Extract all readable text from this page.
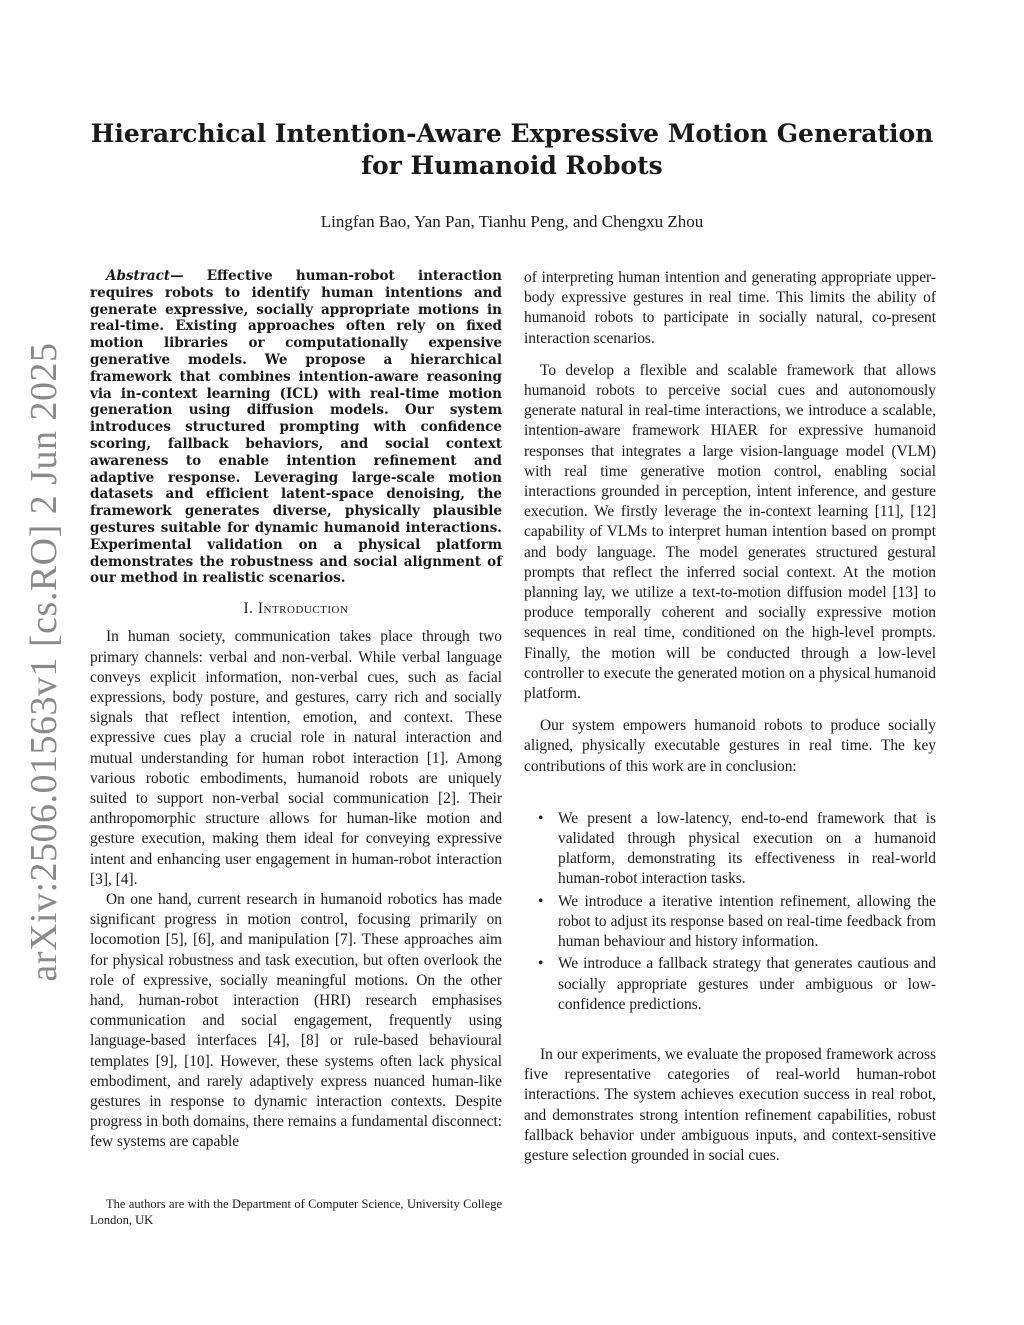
arXiv:2506.01563v1 [cs.RO] 2 Jun 2025
Hierarchical Intention-Aware Expressive Motion Generation for Humanoid Robots

Lingfan Bao, Yan Pan, Tianhu Peng, and Chengxu Zhou

Abstract— Effective human-robot interaction requires robots to identify human intentions and generate expressive, socially appropriate motions in real-time. Existing approaches often rely on fixed motion libraries or computationally expensive generative models. We propose a hierarchical framework that combines intention-aware reasoning via in-context learning (ICL) with real-time motion generation using diffusion models. Our system introduces structured prompting with confidence scoring, fallback behaviors, and social context awareness to enable intention refinement and adaptive response. Leveraging large-scale motion datasets and efficient latent-space denoising, the framework generates diverse, physically plausible gestures suitable for dynamic humanoid interactions. Experimental validation on a physical platform demonstrates the robustness and social alignment of our method in realistic scenarios.

I. Introduction

In human society, communication takes place through two primary channels: verbal and non-verbal. While verbal language conveys explicit information, non-verbal cues, such as facial expressions, body posture, and gestures, carry rich and socially signals that reflect intention, emotion, and context. These expressive cues play a crucial role in natural interaction and mutual understanding for human robot interaction [1]. Among various robotic embodiments, humanoid robots are uniquely suited to support non-verbal social communication [2]. Their anthropomorphic structure allows for human-like motion and gesture execution, making them ideal for conveying expressive intent and enhancing user engagement in human-robot interaction [3], [4].

On one hand, current research in humanoid robotics has made significant progress in motion control, focusing primarily on locomotion [5], [6], and manipulation [7]. These approaches aim for physical robustness and task execution, but often overlook the role of expressive, socially meaningful motions. On the other hand, human-robot interaction (HRI) research emphasises communication and social engagement, frequently using language-based interfaces [4], [8] or rule-based behavioural templates [9], [10]. However, these systems often lack physical embodiment, and rarely adaptively express nuanced human-like gestures in response to dynamic interaction contexts. Despite progress in both domains, there remains a fundamental disconnect: few systems are capable

The authors are with the Department of Computer Science, University College London, UK

of interpreting human intention and generating appropriate upper-body expressive gestures in real time. This limits the ability of humanoid robots to participate in socially natural, co-present interaction scenarios.

To develop a flexible and scalable framework that allows humanoid robots to perceive social cues and autonomously generate natural in real-time interactions, we introduce a scalable, intention-aware framework HIAER for expressive humanoid responses that integrates a large vision-language model (VLM) with real time generative motion control, enabling social interactions grounded in perception, intent inference, and gesture execution. We firstly leverage the in-context learning [11], [12] capability of VLMs to interpret human intention based on prompt and body language. The model generates structured gestural prompts that reflect the inferred social context. At the motion planning lay, we utilize a text-to-motion diffusion model [13] to produce temporally coherent and socially expressive motion sequences in real time, conditioned on the high-level prompts. Finally, the motion will be conducted through a low-level controller to execute the generated motion on a physical humanoid platform.

Our system empowers humanoid robots to produce socially aligned, physically executable gestures in real time. The key contributions of this work are in conclusion:

• We present a low-latency, end-to-end framework that is validated through physical execution on a humanoid platform, demonstrating its effectiveness in real-world human-robot interaction tasks.
• We introduce a iterative intention refinement, allowing the robot to adjust its response based on real-time feedback from human behaviour and history information.
• We introduce a fallback strategy that generates cautious and socially appropriate gestures under ambiguous or low-confidence predictions.

In our experiments, we evaluate the proposed framework across five representative categories of real-world human-robot interactions. The system achieves execution success in real robot, and demonstrates strong intention refinement capabilities, robust fallback behavior under ambiguous inputs, and context-sensitive gesture selection grounded in social cues.
